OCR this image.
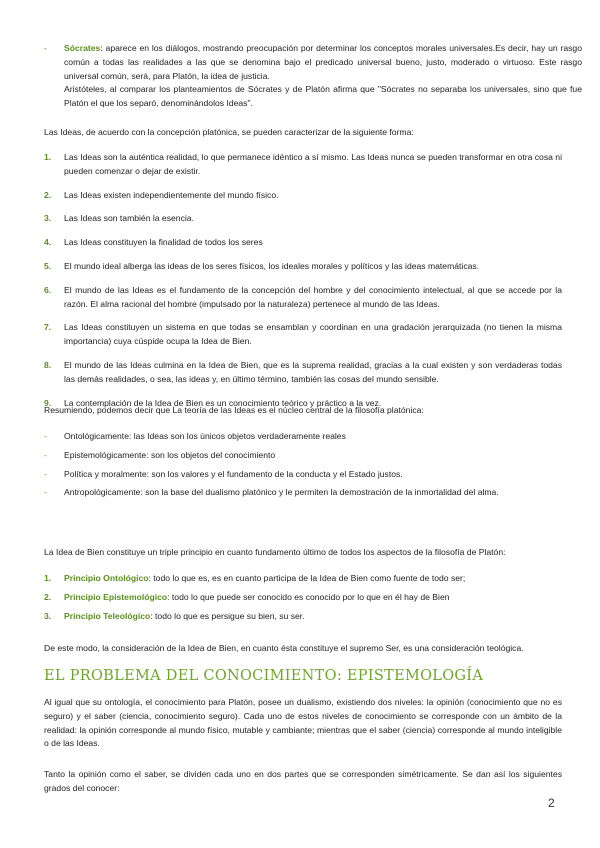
-	Sócrates: aparece en los diálogos, mostrando preocupación por determinar los conceptos morales universales.Es decir, hay un rasgo común a todas las realidades a las que se denomina bajo el predicado universal bueno, justo, moderado o virtuoso. Este rasgo universal común, será, para Platón, la idea de justicia.
Aristóteles, al comparar los planteamientos de Sócrates y de Platón afirma que "Sócrates no separaba los universales, sino que fue Platón el que los separó, denominándolos Ideas".

Las Ideas, de acuerdo con la concepción platónica, se pueden caracterizar de la siguiente forma:

1.	Las Ideas son la auténtica realidad, lo que permanece idéntico a sí mismo. Las Ideas nunca se pueden transformar en otra cosa ni pueden comenzar o dejar de existir.
2.	Las Ideas existen independientemente del mundo físico.
3.	Las Ideas son también la esencia.
4.	Las Ideas constituyen la finalidad de todos los seres
5.	El mundo ideal alberga las ideas de los seres físicos, los ideales morales y políticos y las ideas matemáticas.
6.	El mundo de las Ideas es el fundamento de la concepción del hombre y del conocimiento intelectual, al que se accede por la razón. El alma racional del hombre (impulsado por la naturaleza) pertenece al mundo de las Ideas.
7.	Las Ideas constituyen un sistema en que todas se ensamblan y coordinan en una gradación jerarquizada (no tienen la misma importancia) cuya cúspide ocupa la Idea de Bien.
8.	El mundo de las Ideas culmina en la Idea de Bien, que es la suprema realidad, gracias a la cual existen y son verdaderas todas las demás realidades, o sea, las ideas y, en último término, también las cosas del mundo sensible.
9.	La contemplación de la Idea de Bien es un conocimiento teórico y práctico a la vez.

Resumiendo, podemos decir que La teoría de las Ideas es el núcleo central de la filosofía platónica:

-	Ontológicamente: las Ideas son los únicos objetos verdaderamente reales
-	Epistemológicamente: son los objetos del conocimiento
-	Política y moralmente: son los valores y el fundamento de la conducta y el Estado justos.
-	Antropológicamente: son la base del dualismo platónico y le permiten la demostración de la inmortalidad del alma.

La Idea de Bien constituye un triple principio en cuanto fundamento último de todos los aspectos de la filosofía de Platón:

1.	Principio Ontológico: todo lo que es, es en cuanto participa de la Idea de Bien como fuente de todo ser;
2.	Principio Epistemológico: todo lo que puede ser conocido es conocido por lo que en él hay de Bien
3.	Principio Teleológico: todo lo que es persigue su bien, su ser.

De este modo, la consideración de la Idea de Bien, en cuanto ésta constituye el supremo Ser, es una consideración teológica.

EL PROBLEMA DEL CONOCIMIENTO: EPISTEMOLOGÍA

Al igual que su ontología, el conocimiento para Platón, posee un dualismo, existiendo dos niveles: la opinión (conocimiento que no es seguro) y el saber (ciencia, conocimiento seguro). Cada uno de estos niveles de conocimiento se corresponde con un ámbito de la realidad: la opinión corresponde al mundo físico, mutable y cambiante; mientras que el saber (ciencia) corresponde al mundo inteligible o de las Ideas.

Tanto la opinión como el saber, se dividen cada uno en dos partes que se corresponden simétricamente. Se dan así los siguientes grados del conocer:

2
